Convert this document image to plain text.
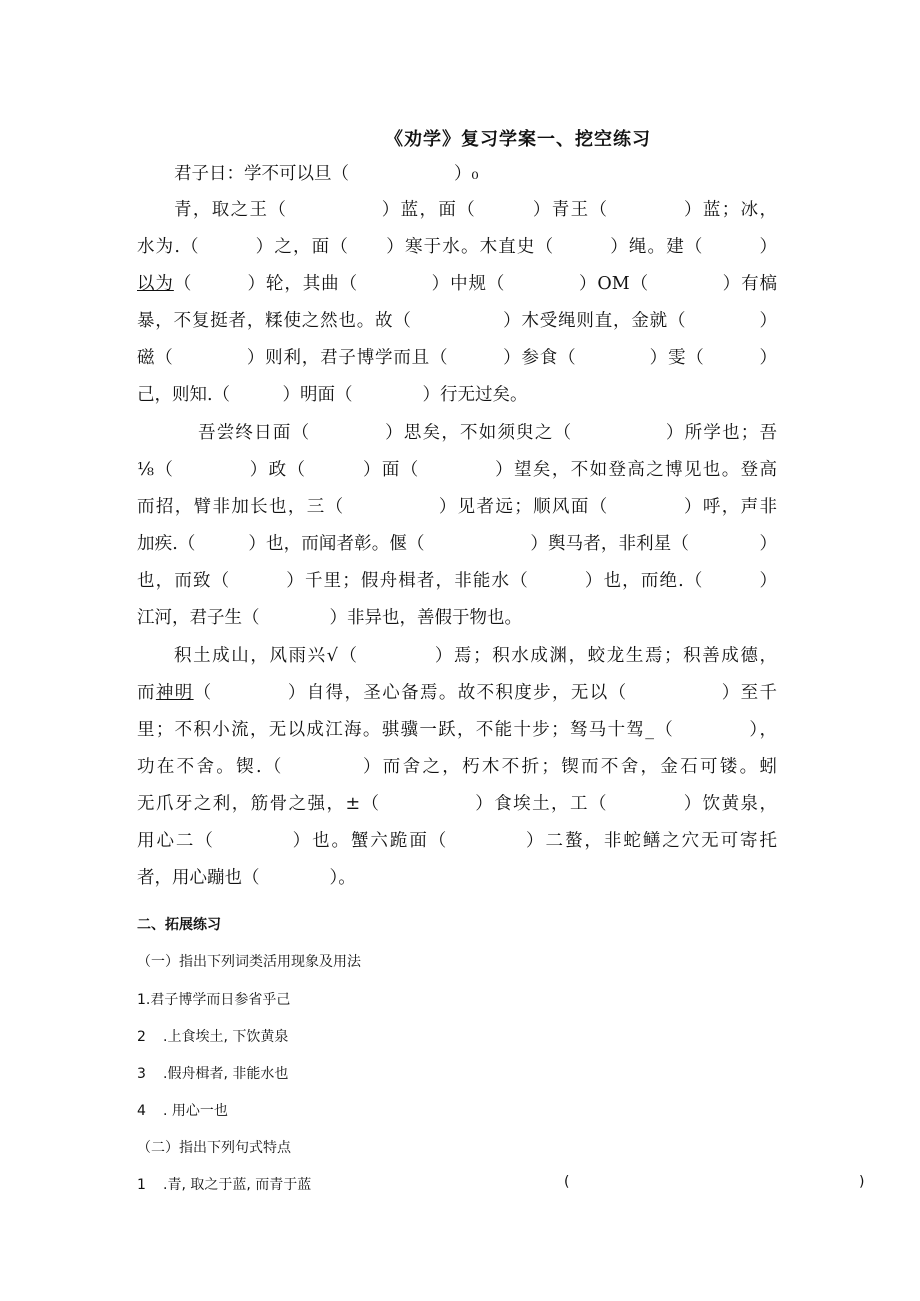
《劝学》复习学案一、挖空练习
君子日：学不可以旦（　　　　　　）₀
青，取之王（　　　　　）蓝，面（　　　）青王（　　　　）蓝；冰，
水为.（　　　）之，面（　　）寒于水。木直史（　　　）绳。建（　　　）
以为（　　　）轮，其曲（　　　　）中规（　　　　）OM（　　　　）有槁
暴，不复挺者，糅使之然也。故（　　　　　）木受绳则直，金就（　　　　）
磁（　　　　）则利，君子博学而且（　　　）参食（　　　　）雯（　　　）
己，则知.（　　　）明面（　　　　）行无过矣。
吾尝终日面（　　　　）思矣，不如须臾之（　　　　　）所学也；吾
⅛（　　　　）政（　　　）面（　　　　）望矣，不如登高之博见也。登高
而招，臂非加长也，三（　　　　　）见者远；顺风面（　　　　）呼，声非
加疾.（　　　）也，而闻者彰。偃（　　　　　　）舆马者，非利星（　　　　）
也，而致（　　　）千里；假舟楫者，非能水（　　　）也，而绝.（　　　）
江河，君子生（　　　　）非异也，善假于物也。
积土成山，风雨兴√（　　　　）焉；积水成渊，蛟龙生焉；积善成德，
而神明（　　　　）自得，圣心备焉。故不积度步，无以（　　　　　）至千
里；不积小流，无以成江海。骐骥一跃，不能十步；驽马十驾_（　　　　），
功在不舍。锲.（　　　　）而舍之，朽木不折；锲而不舍，金石可镂。蚓
无爪牙之利，筋骨之强，±（　　　　　）食埃土，工（　　　　）饮黄泉，
用心二（　　　　）也。蟹六跪面（　　　　）二螯，非蛇鳝之穴无可寄托
者，用心蹦也（　　　　）。
二、拓展练习
（一）指出下列词类活用现象及用法
1.君子博学而日参省乎己
2 .上食埃土, 下饮黄泉
3 .假舟楫者, 非能水也
4 . 用心一也
（二）指出下列句式特点
1 .青, 取之于蓝, 而青于蓝	(	)
